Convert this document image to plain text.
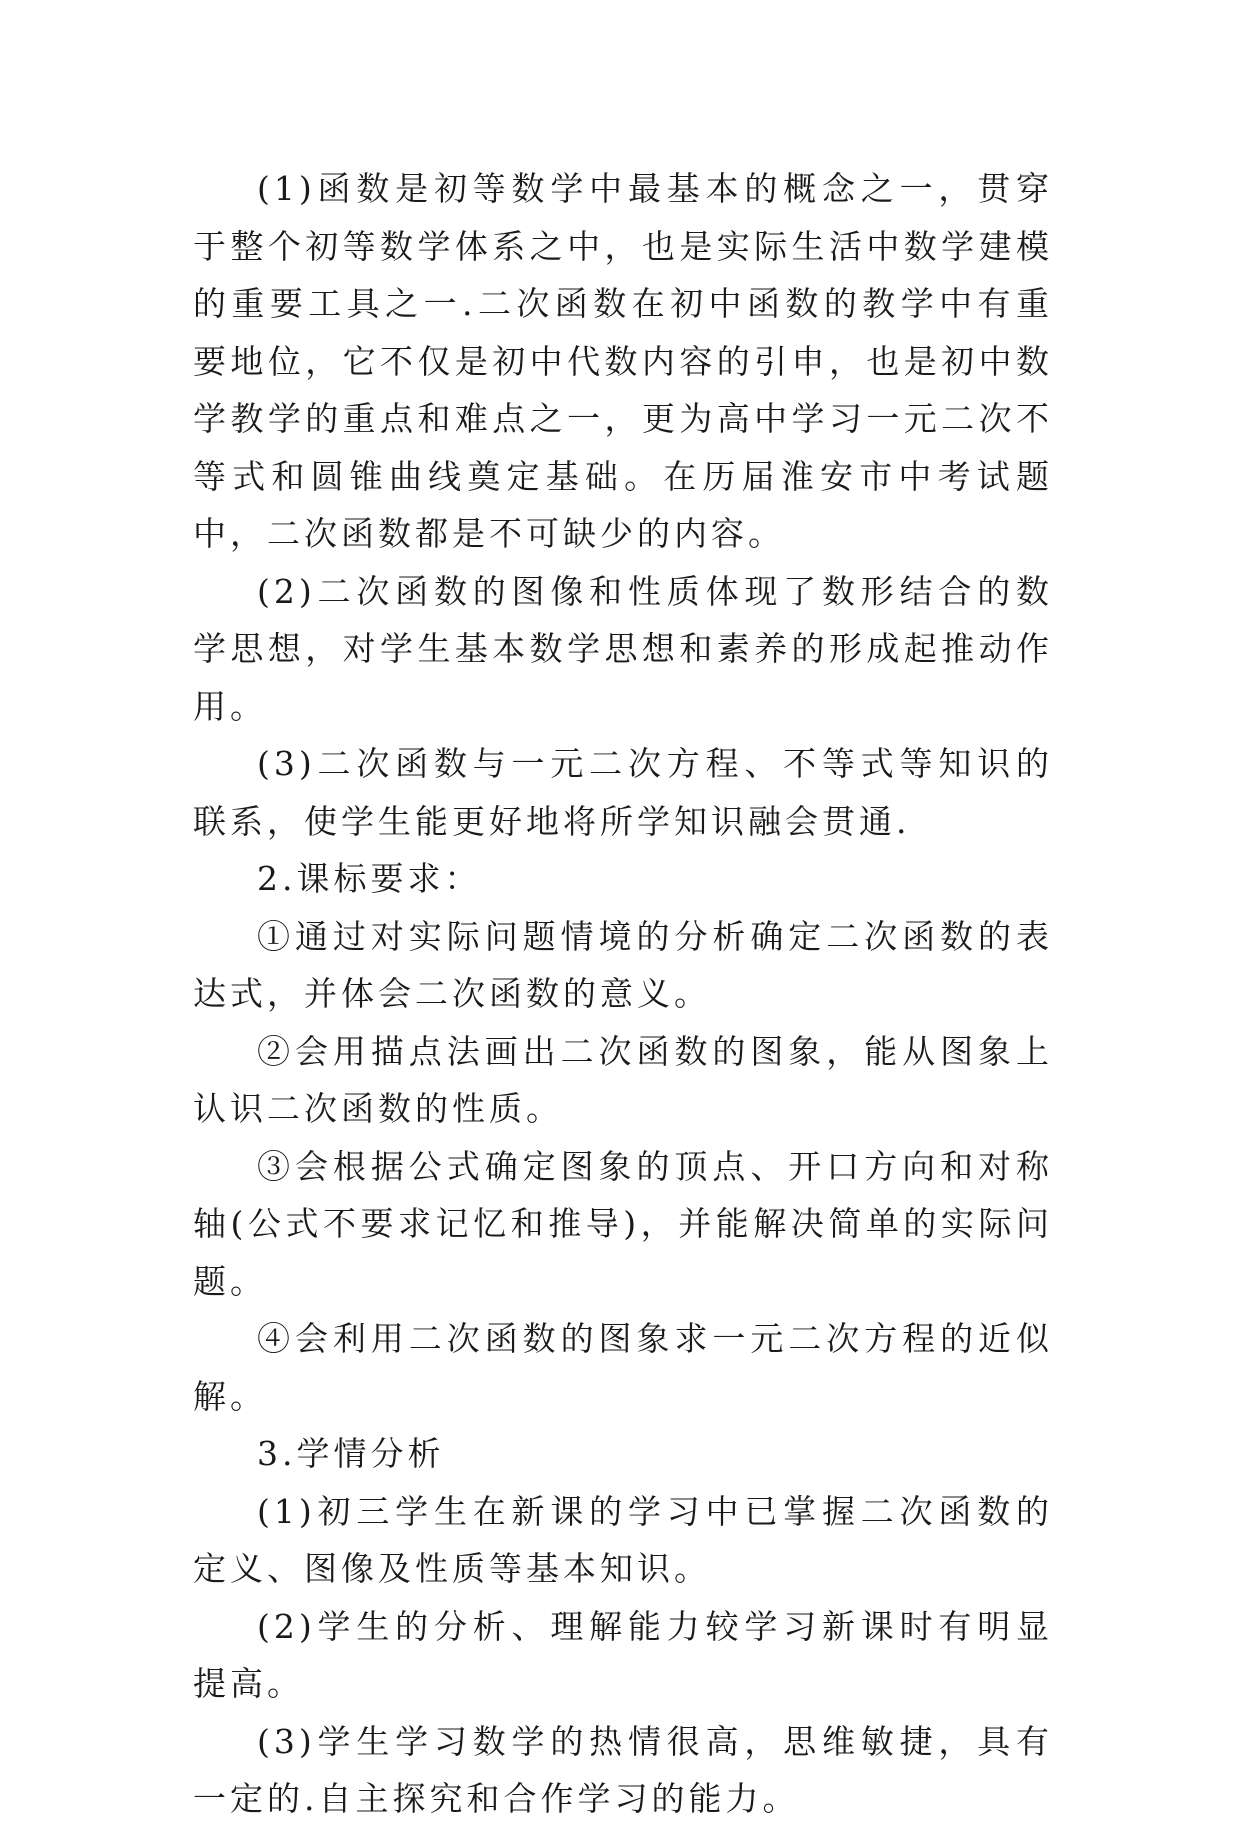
(1)函数是初等数学中最基本的概念之一，贯穿于整个初等数学体系之中，也是实际生活中数学建模的重要工具之一.二次函数在初中函数的教学中有重要地位，它不仅是初中代数内容的引申，也是初中数学教学的重点和难点之一，更为高中学习一元二次不等式和圆锥曲线奠定基础。在历届淮安市中考试题中，二次函数都是不可缺少的内容。

(2)二次函数的图像和性质体现了数形结合的数学思想，对学生基本数学思想和素养的形成起推动作用。

(3)二次函数与一元二次方程、不等式等知识的联系，使学生能更好地将所学知识融会贯通.

2.课标要求：

①通过对实际问题情境的分析确定二次函数的表达式，并体会二次函数的意义。

②会用描点法画出二次函数的图象，能从图象上认识二次函数的性质。

③会根据公式确定图象的顶点、开口方向和对称轴(公式不要求记忆和推导)，并能解决简单的实际问题。

④会利用二次函数的图象求一元二次方程的近似解。

3.学情分析

(1)初三学生在新课的学习中已掌握二次函数的定义、图像及性质等基本知识。

(2)学生的分析、理解能力较学习新课时有明显提高。

(3)学生学习数学的热情很高，思维敏捷，具有一定的.自主探究和合作学习的能力。
